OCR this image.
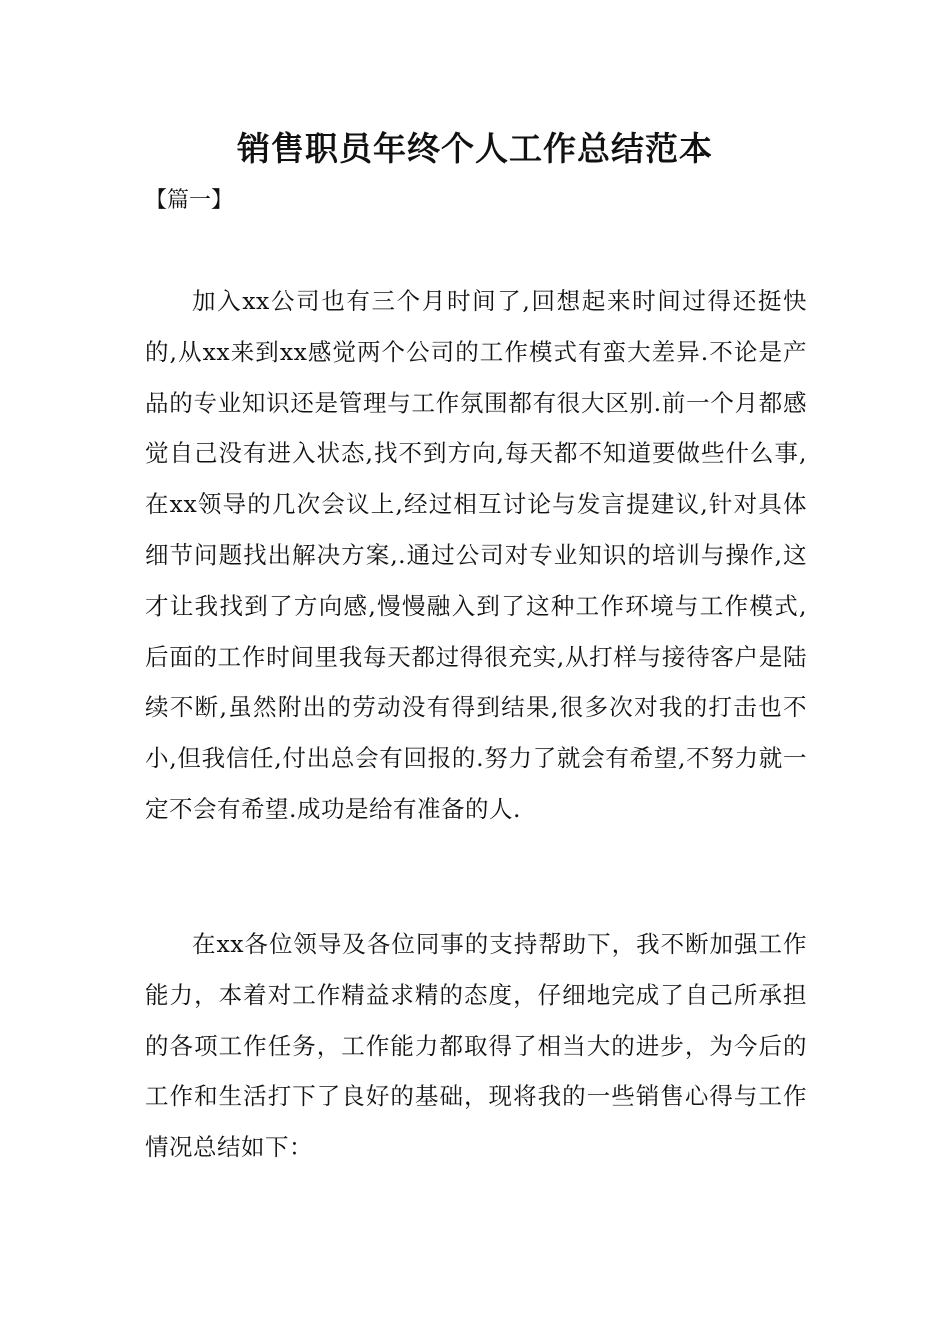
销售职员年终个人工作总结范本

【篇一】

加入xx公司也有三个月时间了,回想起来时间过得还挺快的,从xx来到xx感觉两个公司的工作模式有蛮大差异.不论是产品的专业知识还是管理与工作氛围都有很大区别.前一个月都感觉自己没有进入状态,找不到方向,每天都不知道要做些什么事,在xx领导的几次会议上,经过相互讨论与发言提建议,针对具体细节问题找出解决方案,.通过公司对专业知识的培训与操作,这才让我找到了方向感,慢慢融入到了这种工作环境与工作模式,后面的工作时间里我每天都过得很充实,从打样与接待客户是陆续不断,虽然附出的劳动没有得到结果,很多次对我的打击也不小,但我信任,付出总会有回报的.努力了就会有希望,不努力就一定不会有希望.成功是给有准备的人.

在xx各位领导及各位同事的支持帮助下，我不断加强工作能力，本着对工作精益求精的态度，仔细地完成了自己所承担的各项工作任务，工作能力都取得了相当大的进步，为今后的工作和生活打下了良好的基础，现将我的一些销售心得与工作情况总结如下：
